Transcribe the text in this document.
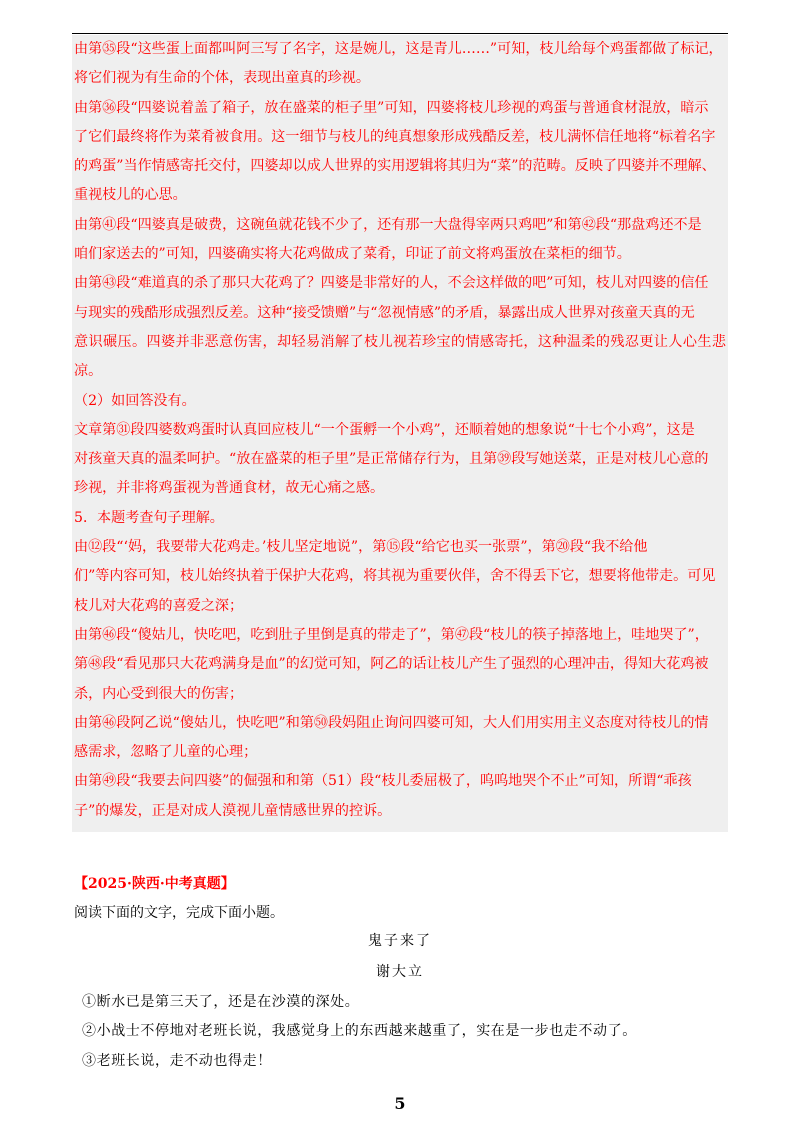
由第㉟段“这些蛋上面都叫阿三写了名字，这是婉儿，这是青儿……”可知，枝儿给每个鸡蛋都做了标记，

将它们视为有生命的个体，表现出童真的珍视。

由第㊱段“四婆说着盖了箱子，放在盛菜的柜子里”可知，四婆将枝儿珍视的鸡蛋与普通食材混放，暗示

了它们最终将作为菜肴被食用。这一细节与枝儿的纯真想象形成残酷反差，枝儿满怀信任地将“标着名字

的鸡蛋”当作情感寄托交付，四婆却以成人世界的实用逻辑将其归为“菜”的范畴。反映了四婆并不理解、

重视枝儿的心思。

由第㊶段“四婆真是破费，这碗鱼就花钱不少了，还有那一大盘得宰两只鸡吧”和第㊷段“那盘鸡还不是

咱们家送去的”可知，四婆确实将大花鸡做成了菜肴，印证了前文将鸡蛋放在菜柜的细节。

由第㊸段“难道真的杀了那只大花鸡了？四婆是非常好的人，不会这样做的吧”可知，枝儿对四婆的信任

与现实的残酷形成强烈反差。这种“接受馈赠”与“忽视情感”的矛盾，暴露出成人世界对孩童天真的无

意识碾压。四婆并非恶意伤害，却轻易消解了枝儿视若珍宝的情感寄托，这种温柔的残忍更让人心生悲凉。

（2）如回答没有。

文章第㉛段四婆数鸡蛋时认真回应枝儿“一个蛋孵一个小鸡”，还顺着她的想象说“十七个小鸡”，这是

对孩童天真的温柔呵护。“放在盛菜的柜子里”是正常储存行为，且第㊴段写她送菜，正是对枝儿心意的

珍视，并非将鸡蛋视为普通食材，故无心痛之感。

5．本题考查句子理解。

由⑫段“‘妈，我要带大花鸡走。’枝儿坚定地说”，第⑮段“给它也买一张票”，第⑳段“我不给他

们”等内容可知，枝儿始终执着于保护大花鸡，将其视为重要伙伴，舍不得丢下它，想要将他带走。可见

枝儿对大花鸡的喜爱之深；

由第㊻段“傻姑儿，快吃吧，吃到肚子里倒是真的带走了”，第㊼段“枝儿的筷子掉落地上，哇地哭了”，

第㊽段“看见那只大花鸡满身是血”的幻觉可知，阿乙的话让枝儿产生了强烈的心理冲击，得知大花鸡被

杀，内心受到很大的伤害；

由第㊻段阿乙说“傻姑儿，快吃吧”和第㊿段妈阻止询问四婆可知，大人们用实用主义态度对待枝儿的情

感需求，忽略了儿童的心理；

由第㊾段“我要去问四婆”的倔强和和第（51）段“枝儿委屈极了，呜呜地哭个不止”可知，所谓“乖孩

子”的爆发，正是对成人漠视儿童情感世界的控诉。

【2025·陕西·中考真题】
阅读下面的文字，完成下面小题。
鬼子来了
谢大立
①断水已是第三天了，还是在沙漠的深处。
②小战士不停地对老班长说，我感觉身上的东西越来越重了，实在是一步也走不动了。
③老班长说，走不动也得走！
5
